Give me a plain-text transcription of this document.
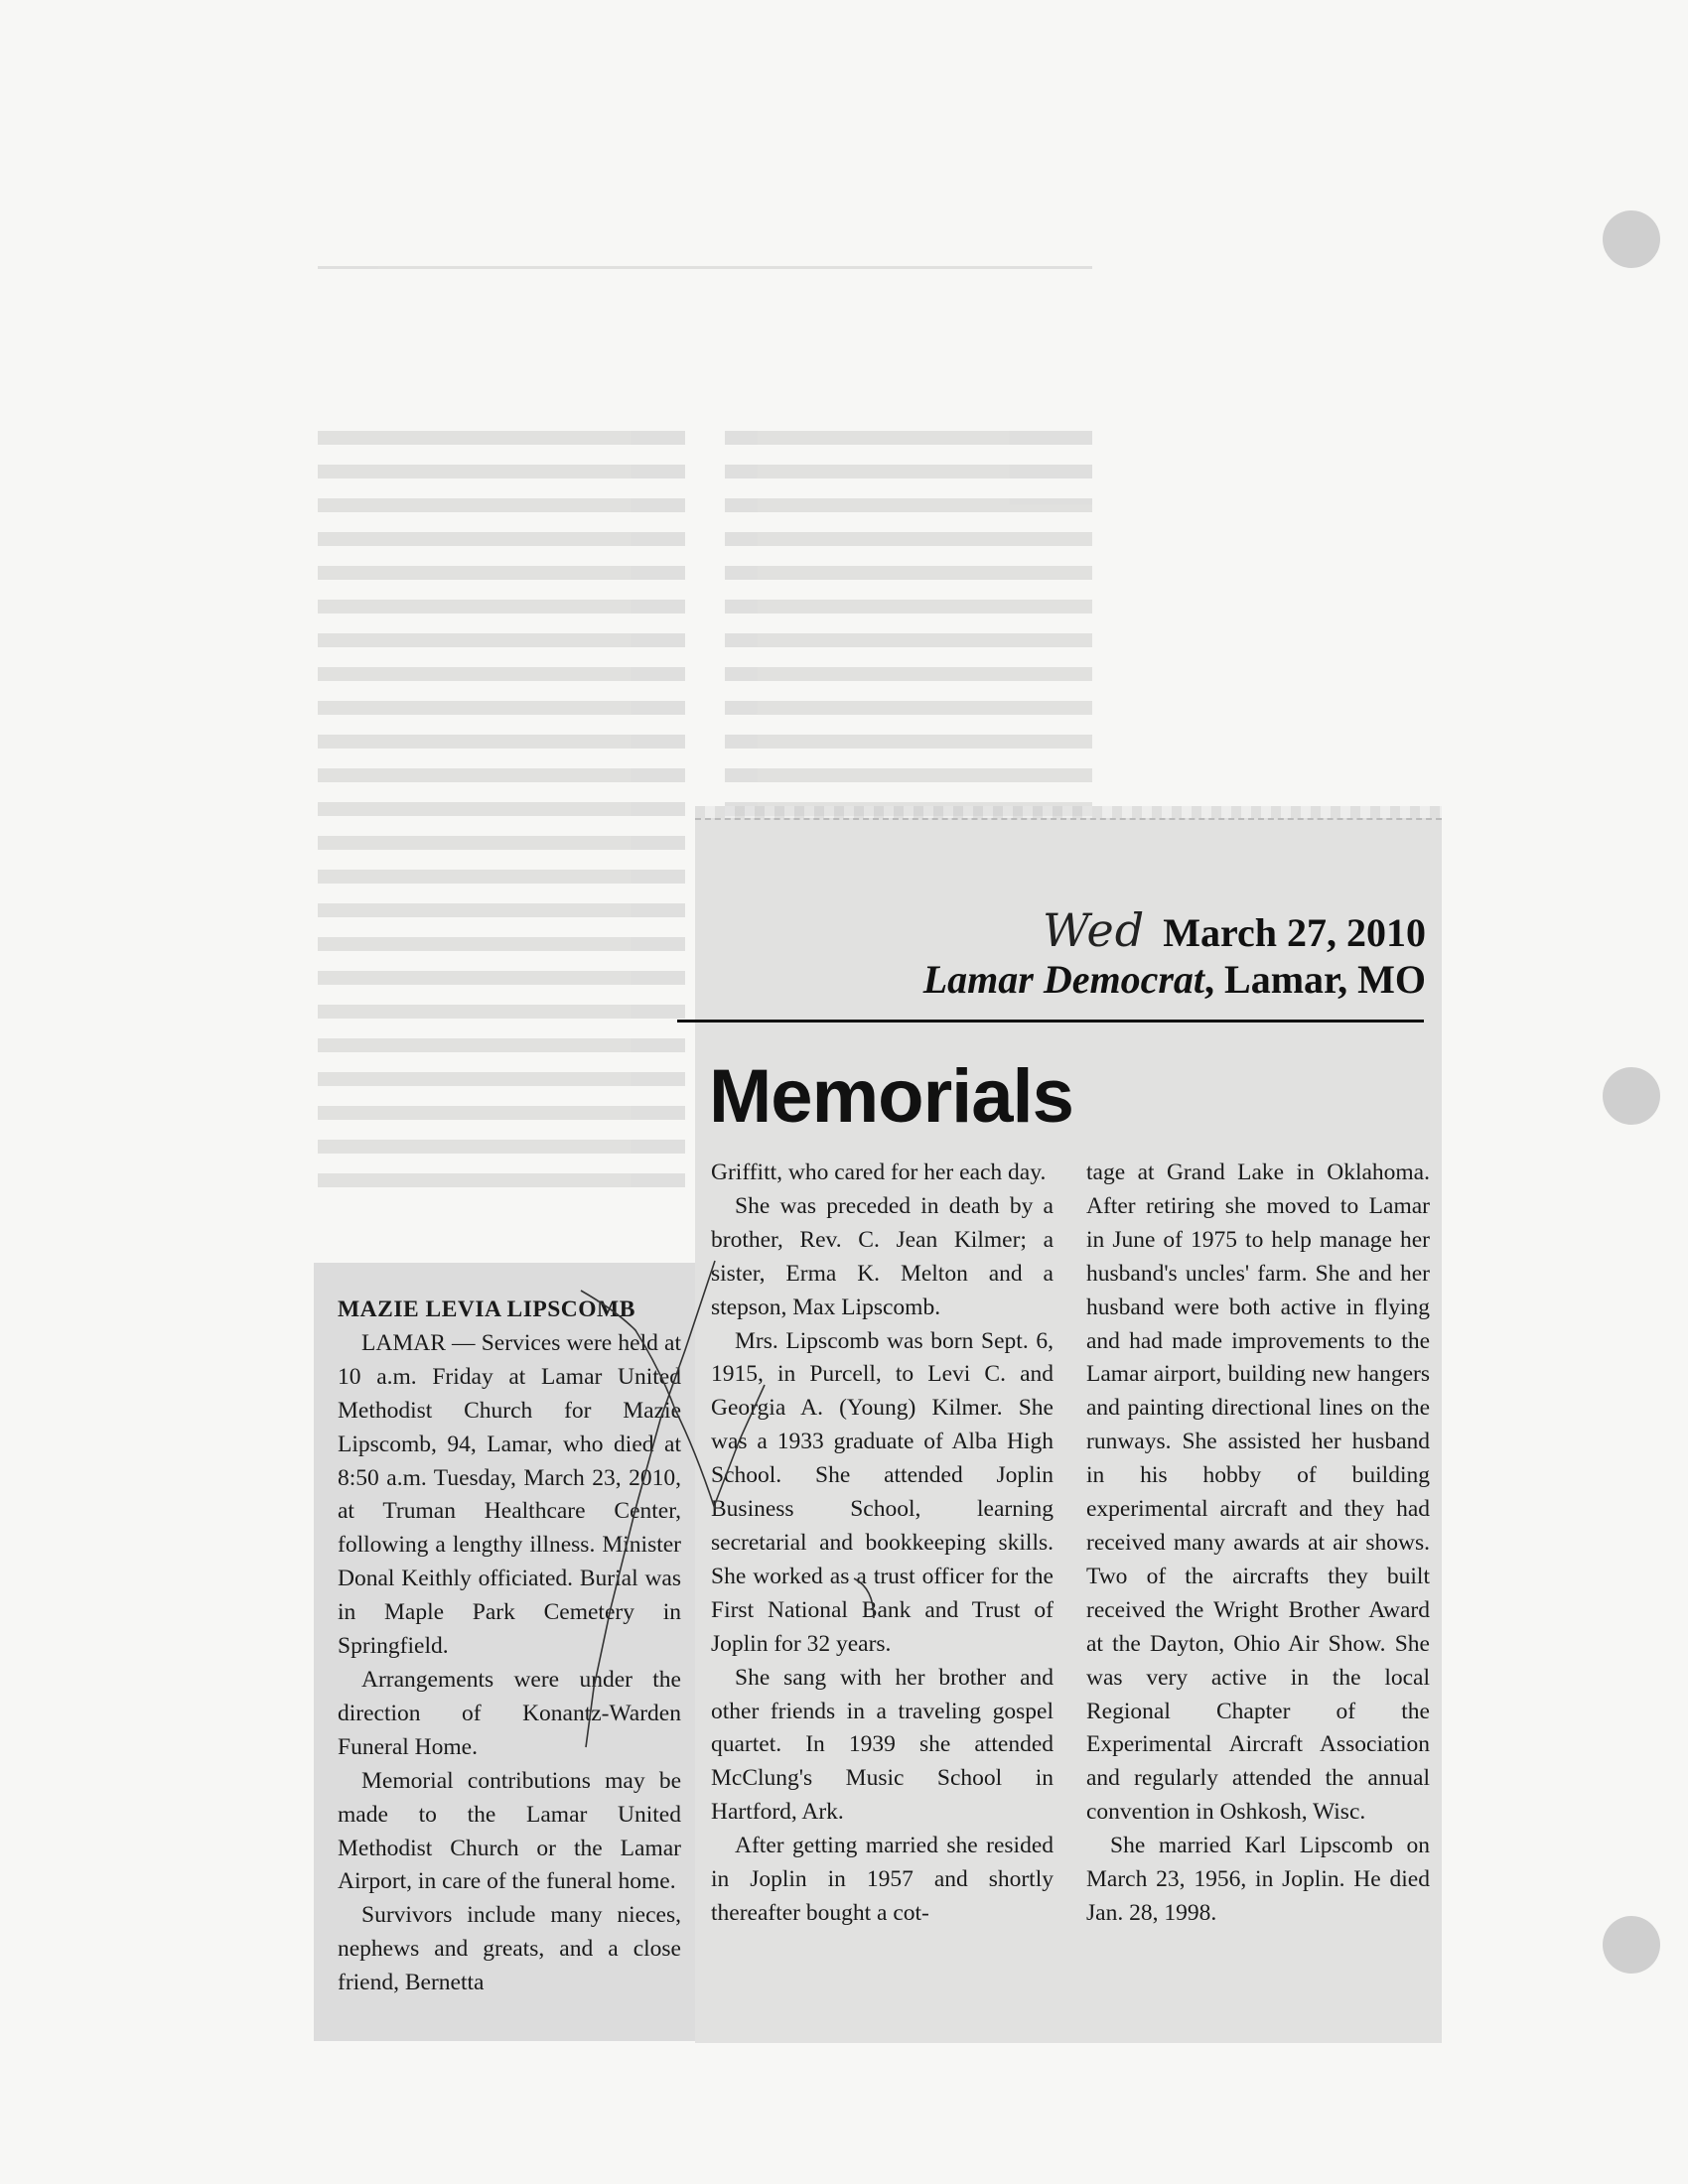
Wed March 27, 2010
Lamar Democrat, Lamar, MO
Memorials

MAZIE LEVIA LIPSCOMB

LAMAR — Services were held at 10 a.m. Friday at Lamar United Methodist Church for Mazie Lipscomb, 94, Lamar, who died at 8:50 a.m. Tuesday, March 23, 2010, at Truman Healthcare Center, following a lengthy illness. Minister Donal Keithly officiated. Burial was in Maple Park Cemetery in Springfield.

Arrangements were under the direction of Konantz-Warden Funeral Home.

Memorial contributions may be made to the Lamar United Methodist Church or the Lamar Airport, in care of the funeral home.

Survivors include many nieces, nephews and greats, and a close friend, Bernetta

Griffitt, who cared for her each day.

She was preceded in death by a brother, Rev. C. Jean Kilmer; a sister, Erma K. Melton and a stepson, Max Lipscomb.

Mrs. Lipscomb was born Sept. 6, 1915, in Purcell, to Levi C. and Georgia A. (Young) Kilmer. She was a 1933 graduate of Alba High School. She attended Joplin Business School, learning secretarial and bookkeeping skills. She worked as a trust officer for the First National Bank and Trust of Joplin for 32 years.

She sang with her brother and other friends in a traveling gospel quartet. In 1939 she attended McClung's Music School in Hartford, Ark.

After getting married she resided in Joplin in 1957 and shortly thereafter bought a cot-

tage at Grand Lake in Oklahoma. After retiring she moved to Lamar in June of 1975 to help manage her husband's uncles' farm. She and her husband were both active in flying and had made improvements to the Lamar airport, building new hangers and painting directional lines on the runways. She assisted her husband in his hobby of building experimental aircraft and they had received many awards at air shows. Two of the aircrafts they built received the Wright Brother Award at the Dayton, Ohio Air Show. She was very active in the local Regional Chapter of the Experimental Aircraft Association and regularly attended the annual convention in Oshkosh, Wisc.

She married Karl Lipscomb on March 23, 1956, in Joplin. He died Jan. 28, 1998.
